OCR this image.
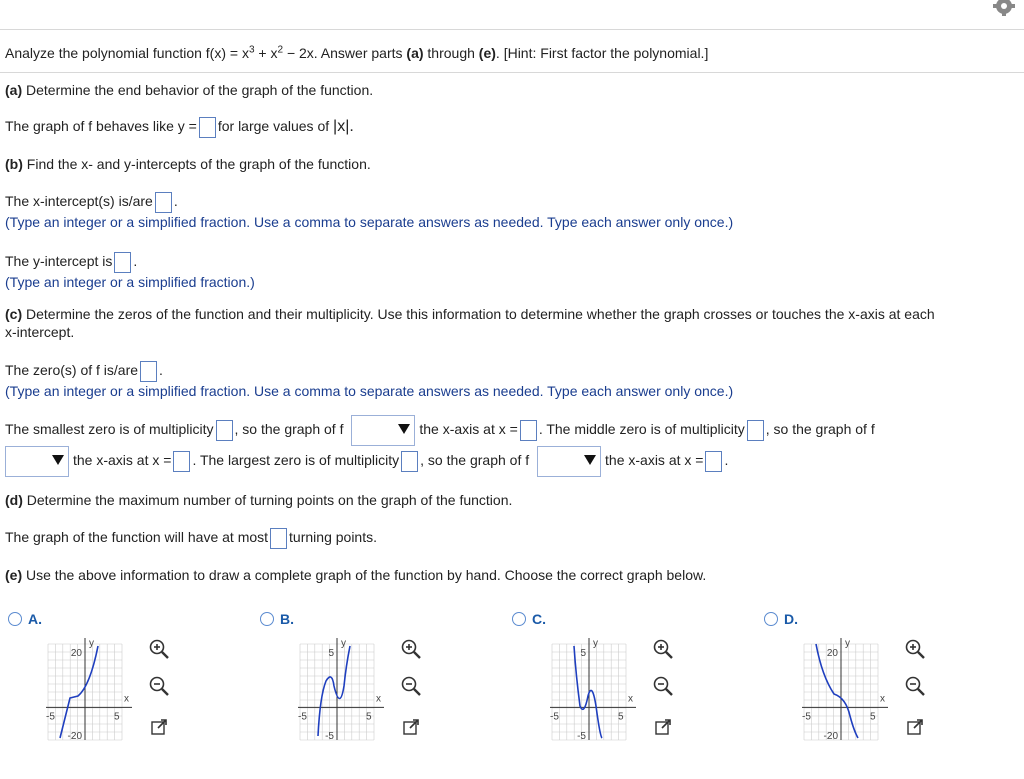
Analyze the polynomial function $f(x) = x^3 + x^2 - 2x$. Answer parts (a) through (e). [Hint: First factor the polynomial.]
(a) Determine the end behavior of the graph of the function.
The graph of f behaves like y = for large values of |x|.
(b) Find the x- and y-intercepts of the graph of the function.
The x-intercept(s) is/are .
(Type an integer or a simplified fraction. Use a comma to separate answers as needed. Type each answer only once.)
The y-intercept is .
(Type an integer or a simplified fraction.)
(c) Determine the zeros of the function and their multiplicity. Use this information to determine whether the graph crosses or touches the x-axis at each
x-intercept.
The zero(s) of f is/are .
(Type an integer or a simplified fraction. Use a comma to separate answers as needed. Type each answer only once.)
The smallest zero is of multiplicity , so the graph of f	the x-axis at x = . The middle zero is of multiplicity , so the graph of f
the x-axis at x = . The largest zero is of multiplicity , so the graph of f	the x-axis at x = .
(d) Determine the maximum number of turning points on the graph of the function.
The graph of the function will have at most turning points.
(e) Use the above information to draw a complete graph of the function by hand. Choose the correct graph below.
A.
20
-20
-5	5
y
x
B.
5
-5
-5	5
y
x
C.
5
-5
-5	5
y
x
D.
20
-20
-5	5
y
x
